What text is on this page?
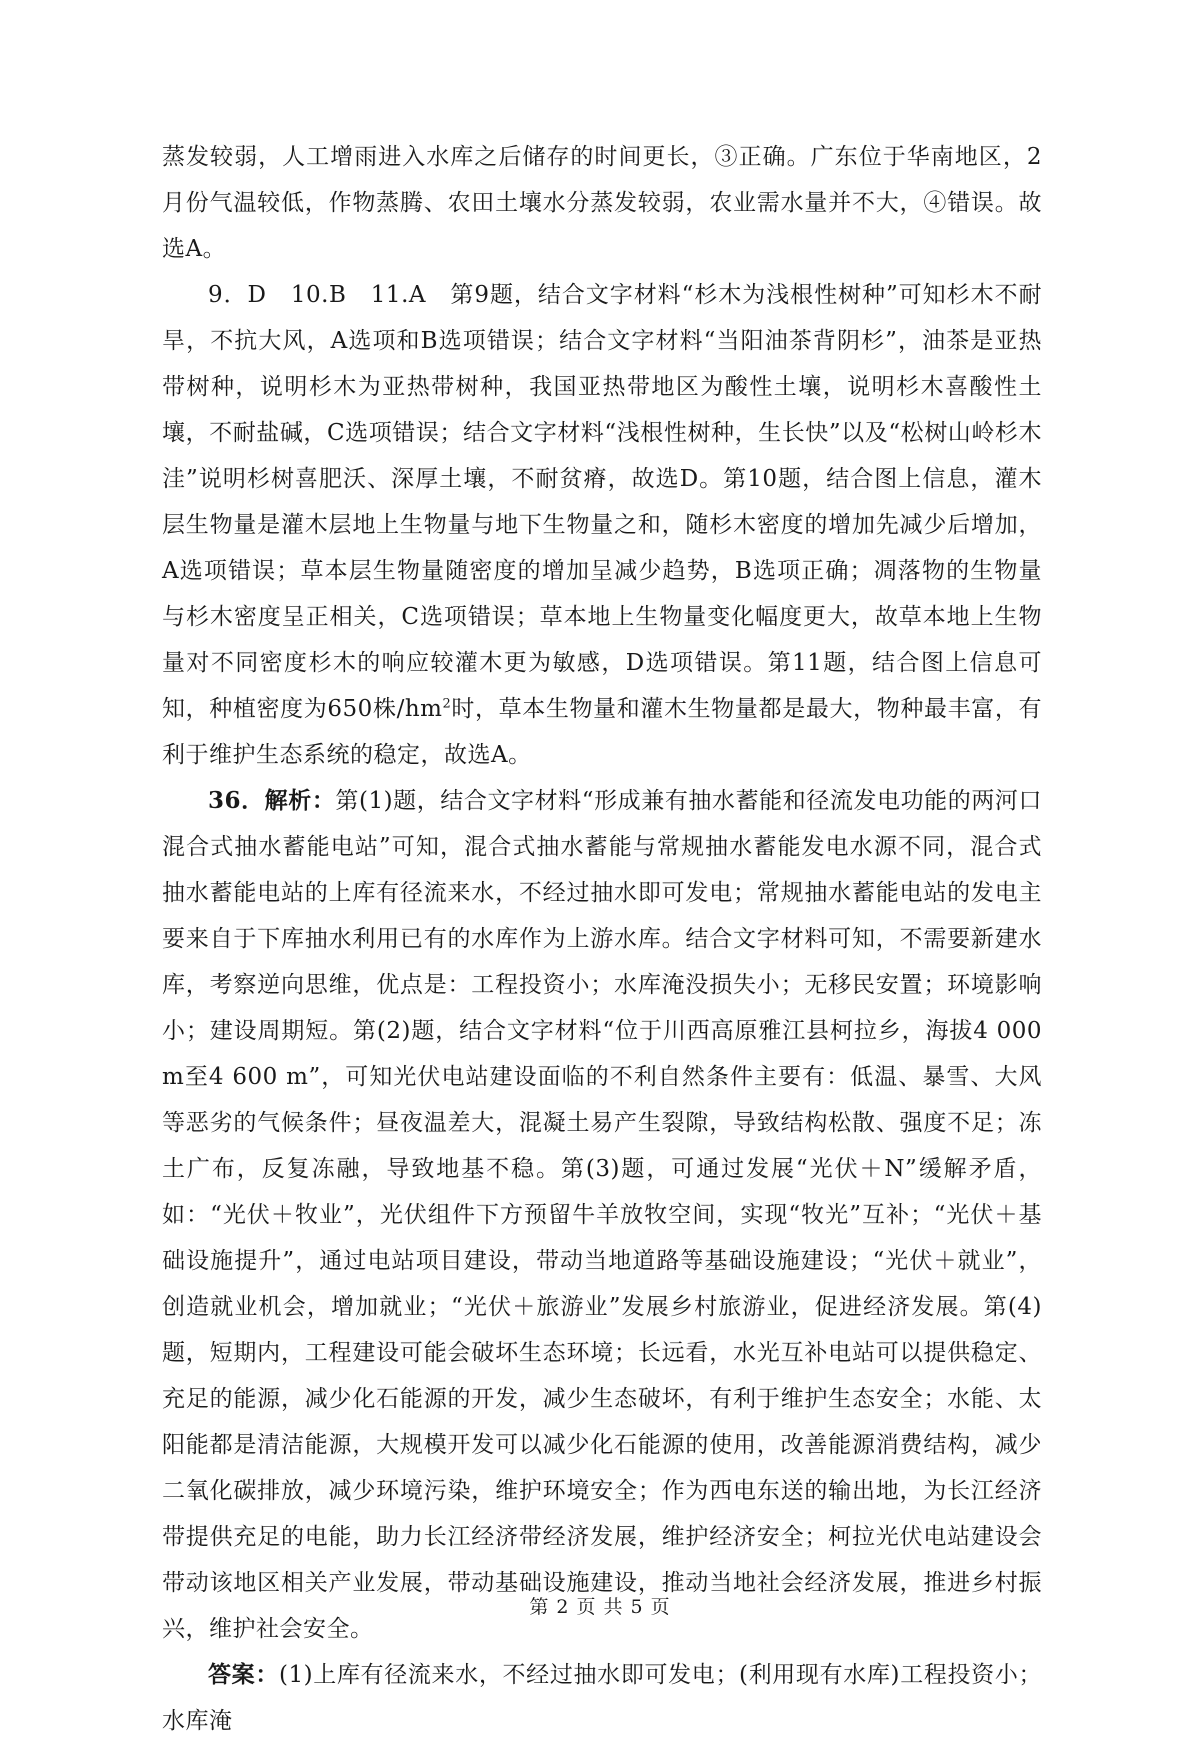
蒸发较弱，人工增雨进入水库之后储存的时间更长，③正确。广东位于华南地区，2月份气温较低，作物蒸腾、农田土壤水分蒸发较弱，农业需水量并不大，④错误。故选A。

9．D　10.B　11.A　第9题，结合文字材料“杉木为浅根性树种”可知杉木不耐旱，不抗大风，A选项和B选项错误；结合文字材料“当阳油茶背阴杉”，油茶是亚热带树种，说明杉木为亚热带树种，我国亚热带地区为酸性土壤，说明杉木喜酸性土壤，不耐盐碱，C选项错误；结合文字材料“浅根性树种，生长快”以及“松树山岭杉木洼”说明杉树喜肥沃、深厚土壤，不耐贫瘠，故选D。第10题，结合图上信息，灌木层生物量是灌木层地上生物量与地下生物量之和，随杉木密度的增加先减少后增加，A选项错误；草本层生物量随密度的增加呈减少趋势，B选项正确；凋落物的生物量与杉木密度呈正相关，C选项错误；草本地上生物量变化幅度更大，故草本地上生物量对不同密度杉木的响应较灌木更为敏感，D选项错误。第11题，结合图上信息可知，种植密度为650株$/hm^2$时，草本生物量和灌木生物量都是最大，物种最丰富，有利于维护生态系统的稳定，故选A。

36．解析：第(1)题，结合文字材料“形成兼有抽水蓄能和径流发电功能的两河口混合式抽水蓄能电站”可知，混合式抽水蓄能与常规抽水蓄能发电水源不同，混合式抽水蓄能电站的上库有径流来水，不经过抽水即可发电；常规抽水蓄能电站的发电主要来自于下库抽水利用已有的水库作为上游水库。结合文字材料可知，不需要新建水库，考察逆向思维，优点是：工程投资小；水库淹没损失小；无移民安置；环境影响小；建设周期短。第(2)题，结合文字材料“位于川西高原雅江县柯拉乡，海拔4 000 m至4 600 m”，可知光伏电站建设面临的不利自然条件主要有：低温、暴雪、大风等恶劣的气候条件；昼夜温差大，混凝土易产生裂隙，导致结构松散、强度不足；冻土广布，反复冻融，导致地基不稳。第(3)题，可通过发展“光伏＋N”缓解矛盾，如：“光伏＋牧业”，光伏组件下方预留牛羊放牧空间，实现“牧光”互补；“光伏＋基础设施提升”，通过电站项目建设，带动当地道路等基础设施建设；“光伏＋就业”，创造就业机会，增加就业；“光伏＋旅游业”发展乡村旅游业，促进经济发展。第(4)题，短期内，工程建设可能会破坏生态环境；长远看，水光互补电站可以提供稳定、充足的能源，减少化石能源的开发，减少生态破坏，有利于维护生态安全；水能、太阳能都是清洁能源，大规模开发可以减少化石能源的使用，改善能源消费结构，减少二氧化碳排放，减少环境污染，维护环境安全；作为西电东送的输出地，为长江经济带提供充足的电能，助力长江经济带经济发展，维护经济安全；柯拉光伏电站建设会带动该地区相关产业发展，带动基础设施建设，推动当地社会经济发展，推进乡村振兴，维护社会安全。

答案：(1)上库有径流来水，不经过抽水即可发电；(利用现有水库)工程投资小；水库淹

第 2 页 共 5 页
